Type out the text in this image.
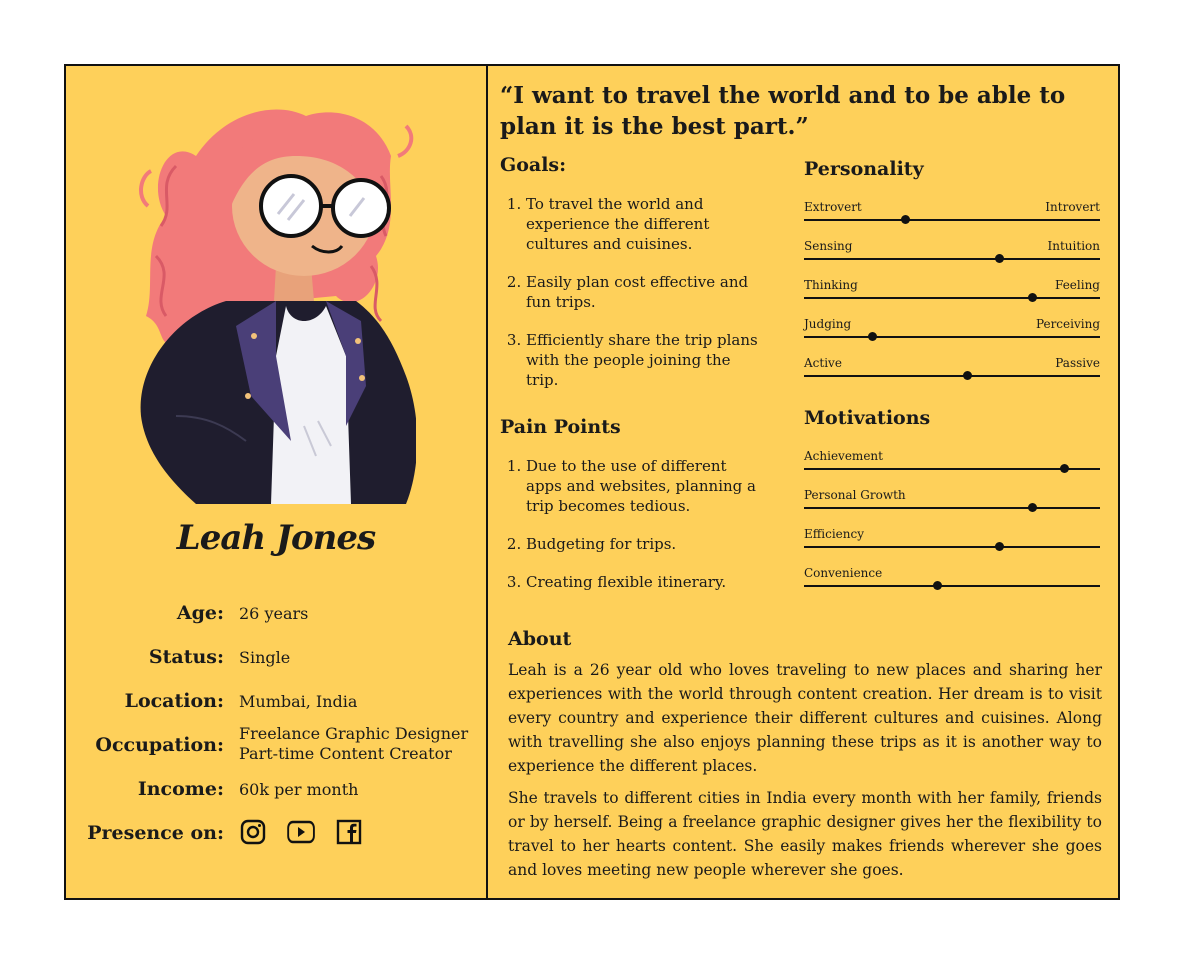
Leah Jones
Age: 26 years
Status: Single
Location: Mumbai, India
Occupation:
Freelance Graphic Designer
Part-time Content Creator
Income: 60k per month
Presence on:
“I want to travel the world and to be able to plan it is the best part.”
Goals:
1. To travel the world and experience the different cultures and cuisines.
2. Easily plan cost effective and fun trips.
3. Efficiently share the trip plans with the people joining the trip.
Pain Points
1. Due to the use of different apps and websites, planning a trip becomes tedious.
2. Budgeting for trips.
3. Creating flexible itinerary.
Personality
Extrovert	Introvert
Sensing	Intuition
Thinking	Feeling
Judging	Perceiving
Active	Passive
Motivations
Achievement
Personal Growth
Efficiency
Convenience
About

Leah is a 26 year old who loves traveling to new places and sharing her experiences with the world through content creation. Her dream is to visit every country and experience their different cultures and cuisines. Along with travelling she also enjoys planning these trips as it is another way to experience the different places.

She travels to different cities in India every month with her family, friends or by herself. Being a freelance graphic designer gives her the flexibility to travel to her hearts content. She easily makes friends wherever she goes and loves meeting new people wherever she goes.
